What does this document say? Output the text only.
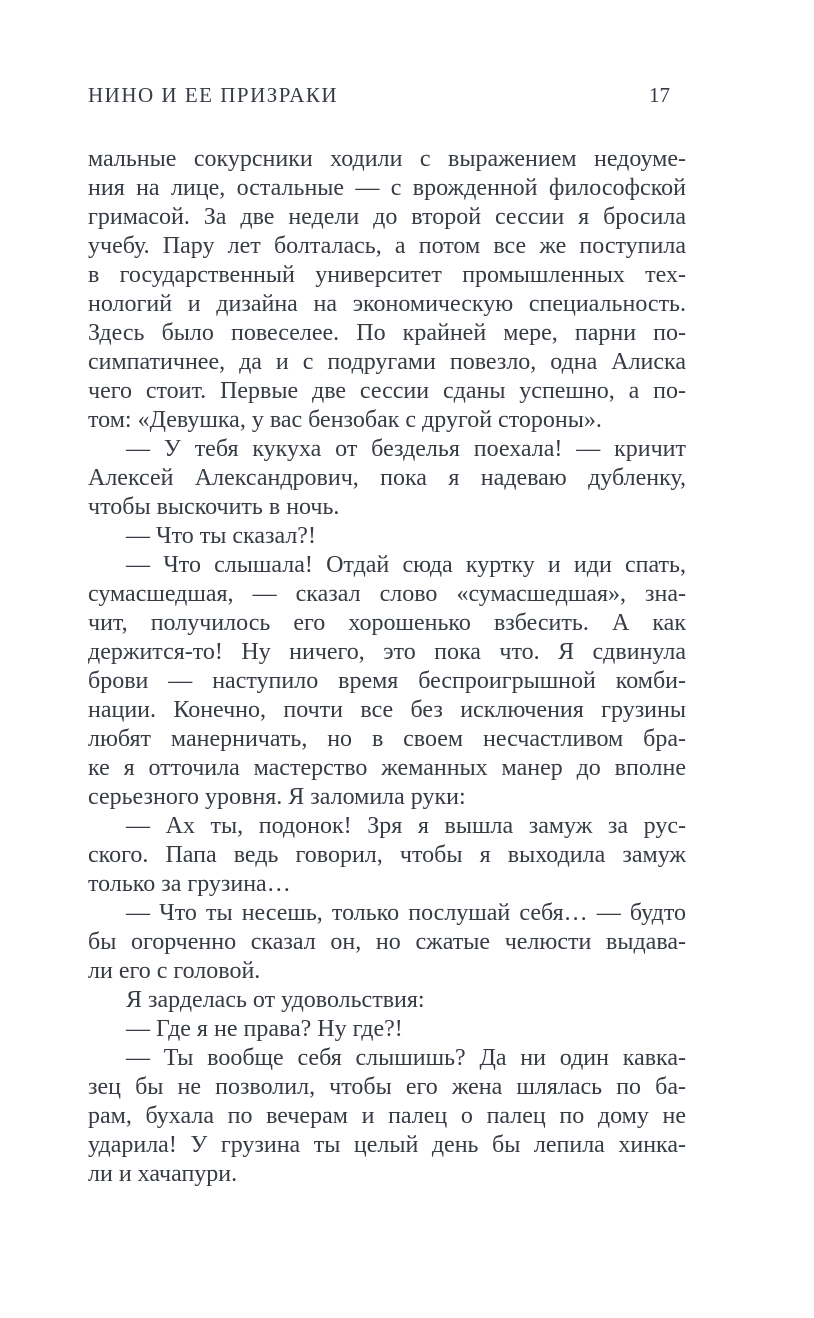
НИНО И ЕЕ ПРИЗРАКИ	17

мальные сокурсники ходили с выражением недоуме-
ния на лице, остальные — с врожденной философской
гримасой. За две недели до второй сессии я бросила
учебу. Пару лет болталась, а потом все же поступила
в государственный университет промышленных тех-
нологий и дизайна на экономическую специальность.
Здесь было повеселее. По крайней мере, парни по-
симпатичнее, да и с подругами повезло, одна Алиска
чего стоит. Первые две сессии сданы успешно, а по-
том: «Девушка, у вас бензобак с другой стороны».

— У тебя кукуха от безделья поехала! — кричит
Алексей Александрович, пока я надеваю дубленку,
чтобы выскочить в ночь.

— Что ты сказал?!

— Что слышала! Отдай сюда куртку и иди спать,
сумасшедшая, — сказал слово «сумасшедшая», зна-
чит, получилось его хорошенько взбесить. А как
держится-то! Ну ничего, это пока что. Я сдвинула
брови — наступило время беспроигрышной комби-
нации. Конечно, почти все без исключения грузины
любят манерничать, но в своем несчастливом бра-
ке я отточила мастерство жеманных манер до вполне
серьезного уровня. Я заломила руки:

— Ах ты, подонок! Зря я вышла замуж за рус-
ского. Папа ведь говорил, чтобы я выходила замуж
только за грузина…

— Что ты несешь, только послушай себя… — будто
бы огорченно сказал он, но сжатые челюсти выдава-
ли его с головой.

Я зарделась от удовольствия:

— Где я не права? Ну где?!

— Ты вообще себя слышишь? Да ни один кавка-
зец бы не позволил, чтобы его жена шлялась по ба-
рам, бухала по вечерам и палец о палец по дому не
ударила! У грузина ты целый день бы лепила хинка-
ли и хачапури.
